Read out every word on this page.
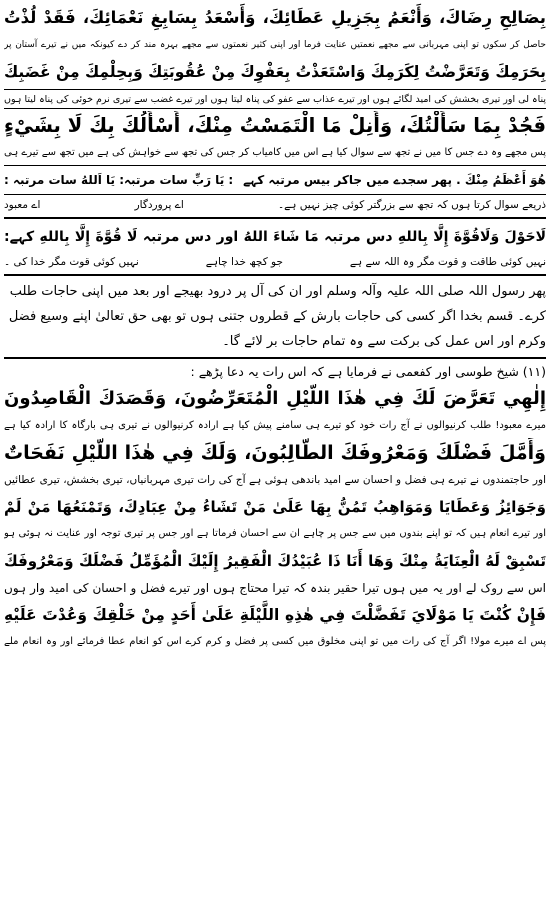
بِصَالِحِ رِضَاكَ، وَأَنْعَمُ بِجَزِيلِ عَطَائِكَ، وَأَسْعَدُ بِسَابِغِ نَعْمَائِكَ، فَقَدْ لُذْتُ
حاصل کر سکوں تو اپنی مہربانی سے مجھے نعمتیں عنایت فرما اور اپنی کثیر نعمتوں سے مجھے بہرہ مند کر دے کیونکہ میں نے تیرے آستان پر
بِحَرَمِكَ وَتَعَرَّضْتُ لِكَرَمِكَ وَاسْتَعَذْتُ بِعَفْوِكَ مِنْ عُقُوبَتِكَ وَبِحِلْمِكَ مِنْ غَضَبِكَ
پناہ لی اور تیری بخشش کی امید لگائے ہوں اور تیرے عذاب سے عفو کی پناہ لیتا ہوں اور تیرے غضب سے تیری نرم خوئی کی پناہ لیتا ہوں
فَجُدْ بِمَا سَأَلْتُكَ، وَأَنِلْ مَا الْتَمَسْتُ مِنْكَ، أَسْأَلُكَ بِكَ لَا بِشَيْءٍ
پس مجھے وہ دے جس کا میں نے تجھ سے سوال کیا ہے اس میں کامیاب کر جس کی تجھ سے خواہش کی ہے میں تجھ سے تیرے ہی
هُوَ أَعْظَمُ مِنْكَ . پھر سجدے میں جاکر بیس مرتبہ کہے
: يَا رَبِّ سات مرتبہ: يَا اَللهُ سات مرتبہ :
ذریعے سوال کرتا ہوں کہ تجھ سے بزرگتر کوئی چیز نہیں ہے۔
اے پروردگار
اے معبود
لَاحَوْلَ وَلَاقُوَّةَ إِلَّا بِاللهِ دس مرتبہ مَا شَاءَ اللهُ اور دس مرتبہ لَا قُوَّةَ إِلَّا بِاللهِ کہے:
نہیں کوئی طاقت و قوت مگر وہ اللہ سے ہے
جو کچھ خدا چاہے
نہیں کوئی قوت مگر خدا کی ۔
پھر رسول اللہ صلی اللہ علیہ وآلہ وسلم اور ان کی آل پر درود بھیجے اور بعد میں اپنی حاجات طلب کرے۔ قسم بخدا اگر کسی کی حاجات بارش کے قطروں جتنی ہوں تو بھی حق تعالیٰ اپنے وسیع فضل وکرم اور اس عمل کی برکت سے وہ تمام حاجات بر لائے گا۔
(۱۱) شیخ طوسی اور کفعمی نے فرمایا ہے کہ اس رات یہ دعا پڑھے :
إِلٰهِي تَعَرَّضَ لَكَ فِي هٰذَا اللَّيْلِ الْمُتَعَرِّضُونَ، وَقَصَدَكَ الْقَاصِدُونَ
میرے معبود! طلب کرنیوالوں نے آج رات خود کو تیرے ہی سامنے پیش کیا ہے ارادہ کرنیوالوں نے تیری ہی بارگاہ کا ارادہ کیا ہے
وَأَمَّلَ فَضْلَكَ وَمَعْرُوفَكَ الطَّالِبُونَ، وَلَكَ فِي هٰذَا اللَّيْلِ نَفَحَاتٌ
اور حاجتمندوں نے تیرے ہی فضل و احسان سے امید باندھی ہوئی ہے آج کی رات تیری مہربانیاں، تیری بخشش، تیری عطائیں
وَجَوَائِزُ وَعَطَايَا وَمَوَاهِبُ تَمُنُّ بِهَا عَلَىٰ مَنْ تَشَاءُ مِنْ عِبَادِكَ، وَتَمْنَعُهَا مَنْ لَمْ
اور تیرے انعام ہیں کہ تو اپنے بندوں میں سے جس پر چاہے ان سے احسان فرماتا ہے اور جس پر تیری توجہ اور عنایت نہ ہوئی ہو
تَسْبِقْ لَهُ الْعِنَايَةُ مِنْكَ وَهَا أَنَا ذَا عُبَيْدُكَ الْفَقِيرُ إِلَيْكَ الْمُؤَمِّلُ فَضْلَكَ وَمَعْرُوفَكَ
اس سے روک لے اور یہ میں ہوں تیرا حقیر بندہ کہ تیرا محتاج ہوں اور تیرے فضل و احسان کی امید وار ہوں
فَإِنْ كُنْتَ يَا مَوْلَايَ تَفَضَّلْتَ فِي هٰذِهِ اللَّيْلَةِ عَلَىٰ أَحَدٍ مِنْ خَلْقِكَ وَعُدْتَ عَلَيْهِ
پس اے میرے مولا! اگر آج کی رات میں تو اپنی مخلوق میں کسی پر فضل و کرم کرے اس کو انعام عطا فرمائے اور وہ انعام ملے
